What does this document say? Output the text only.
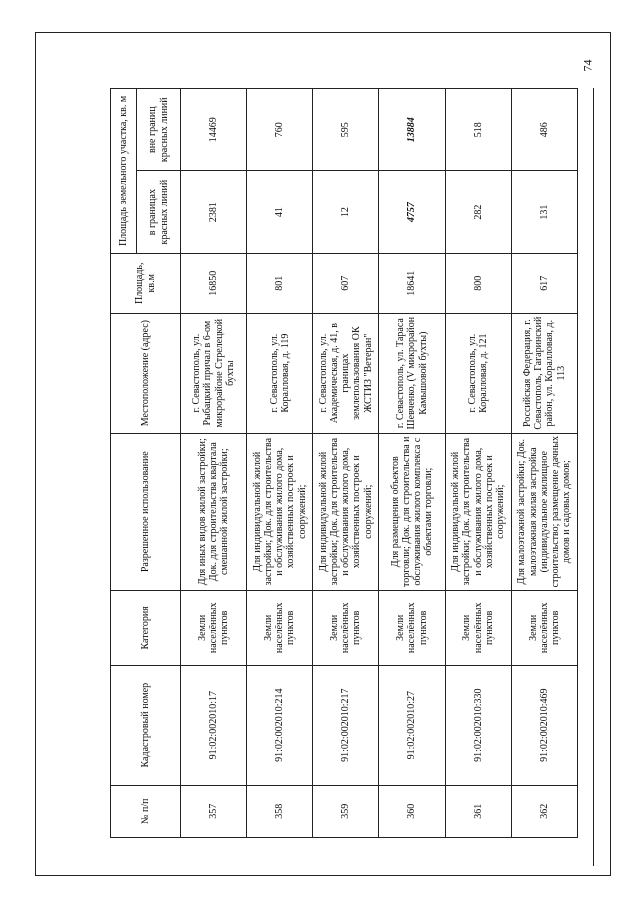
74
№ п/п	Кадастровый номер	Категория	Разрешенное использование	Местоположение (адрес)	Площадь, кв.м	Площадь земельного участка, кв. м	
						в границах красных линий	вне границ красных линий
357	91:02:002010:17	Земли населённых пунктов	Для иных видов жилой застройки; Док. для строительства квартала смешанной жилой застройки;	г. Севастополь, ул. Рыбацкий причал в 6-ом микрорайоне Стрелецкой бухты	16850	2381	14469
358	91:02:002010:214	Земли населённых пунктов	Для индивидуальной жилой застройки; Док. для строительства и обслуживания жилого дома, хозяйственных построек и сооружений;	г. Севастополь, ул. Коралловая, д. 119	801	41	760
359	91:02:002010:217	Земли населённых пунктов	Для индивидуальной жилой застройки; Док. для строительства и обслуживания жилого дома, хозяйственных построек и сооружений;	г. Севастополь, ул. Академическая, д. 41, в границах землепользования ОК ЖСТИЗ "Ветеран"	607	12	595
360	91:02:002010:27	Земли населённых пунктов	Для размещения объектов торговли; Док. для строительства и обслуживания жилого комплекса с объектами торговли;	г. Севастополь, ул. Тараса Шевченко, (V микрорайон Камышовой бухты)	18641	4757	13884
361	91:02:002010:330	Земли населённых пунктов	Для индивидуальной жилой застройки; Док. для строительства и обслуживания жилого дома, хозяйственных построек и сооружений;	г. Севастополь, ул. Коралловая, д. 121	800	282	518
362	91:02:002010:469	Земли населённых пунктов	Для малоэтажной застройки; Док. малоэтажная жилая застройка (индивидуальное жилищное строительство; размещение дачных домов и садовых домов;	Российская Федерация, г. Севастополь, Гагаринский район, ул. Коралловая, д. 113	617	131	486
